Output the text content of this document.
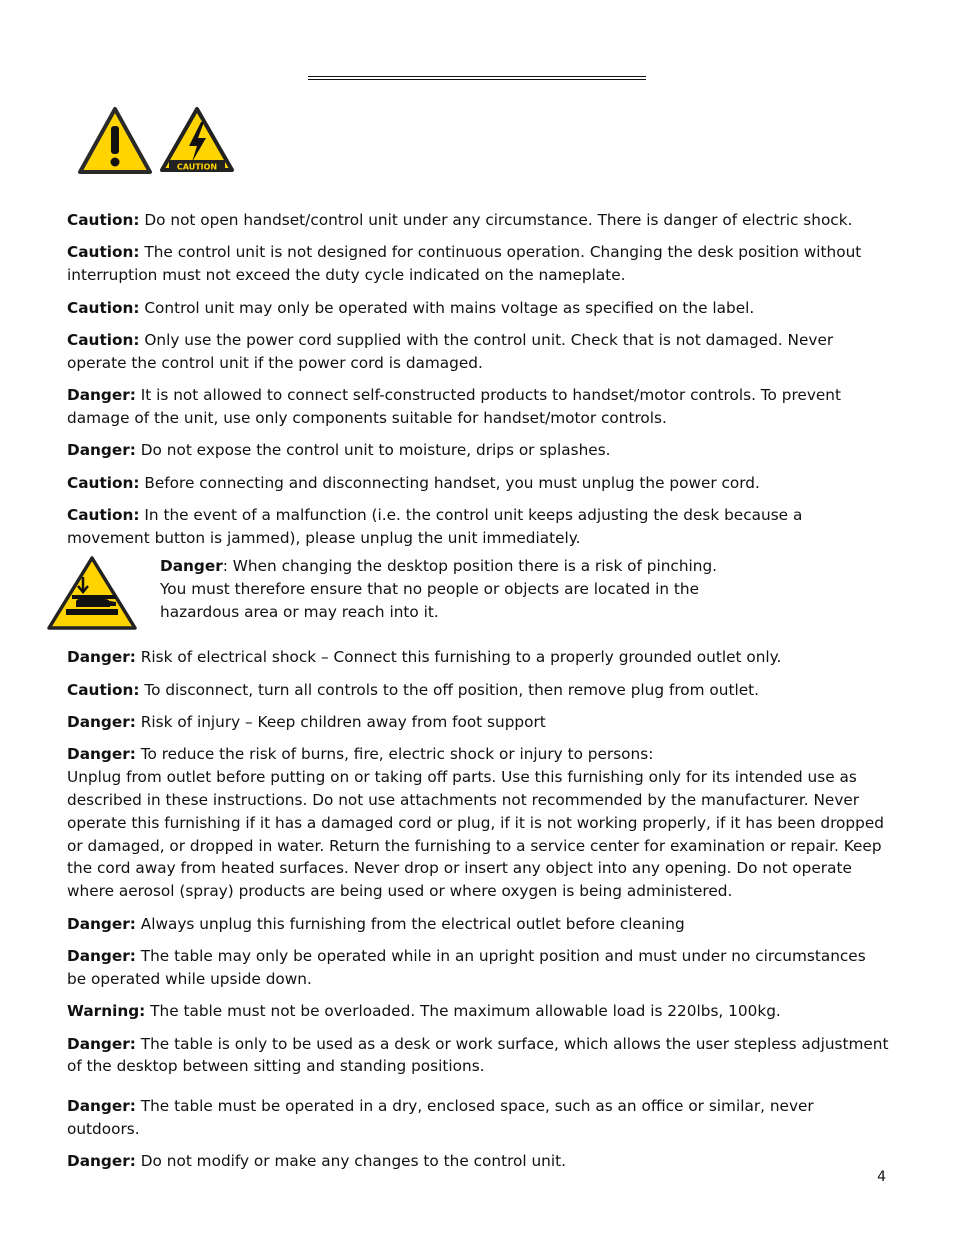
CAUTION

Caution: Do not open handset/control unit under any circumstance. There is danger of electric shock.

Caution: The control unit is not designed for continuous operation. Changing the desk position without interruption must not exceed the duty cycle indicated on the nameplate.

Caution: Control unit may only be operated with mains voltage as specified on the label.

Caution: Only use the power cord supplied with the control unit. Check that is not damaged. Never operate the control unit if the power cord is damaged.

Danger: It is not allowed to connect self-constructed products to handset/motor controls. To prevent damage of the unit, use only components suitable for handset/motor controls.

Danger: Do not expose the control unit to moisture, drips or splashes.

Caution: Before connecting and disconnecting handset, you must unplug the power cord.

Caution: In the event of a malfunction (i.e. the control unit keeps adjusting the desk because a movement button is jammed), please unplug the unit immediately.

Danger: When changing the desktop position there is a risk of pinching. You must therefore ensure that no people or objects are located in the hazardous area or may reach into it.

Danger: Risk of electrical shock – Connect this furnishing to a properly grounded outlet only.

Caution: To disconnect, turn all controls to the off position, then remove plug from outlet.

Danger: Risk of injury – Keep children away from foot support

Danger: To reduce the risk of burns, fire, electric shock or injury to persons:
Unplug from outlet before putting on or taking off parts. Use this furnishing only for its intended use as described in these instructions. Do not use attachments not recommended by the manufacturer. Never operate this furnishing if it has a damaged cord or plug, if it is not working properly, if it has been dropped or damaged, or dropped in water. Return the furnishing to a service center for examination or repair. Keep the cord away from heated surfaces. Never drop or insert any object into any opening. Do not operate where aerosol (spray) products are being used or where oxygen is being administered.

Danger: Always unplug this furnishing from the electrical outlet before cleaning

Danger: The table may only be operated while in an upright position and must under no circumstances be operated while upside down.

Warning: The table must not be overloaded. The maximum allowable load is 220lbs, 100kg.

Danger: The table is only to be used as a desk or work surface, which allows the user stepless adjustment of the desktop between sitting and standing positions.

Danger: The table must be operated in a dry, enclosed space, such as an office or similar, never outdoors.

Danger: Do not modify or make any changes to the control unit.

4
